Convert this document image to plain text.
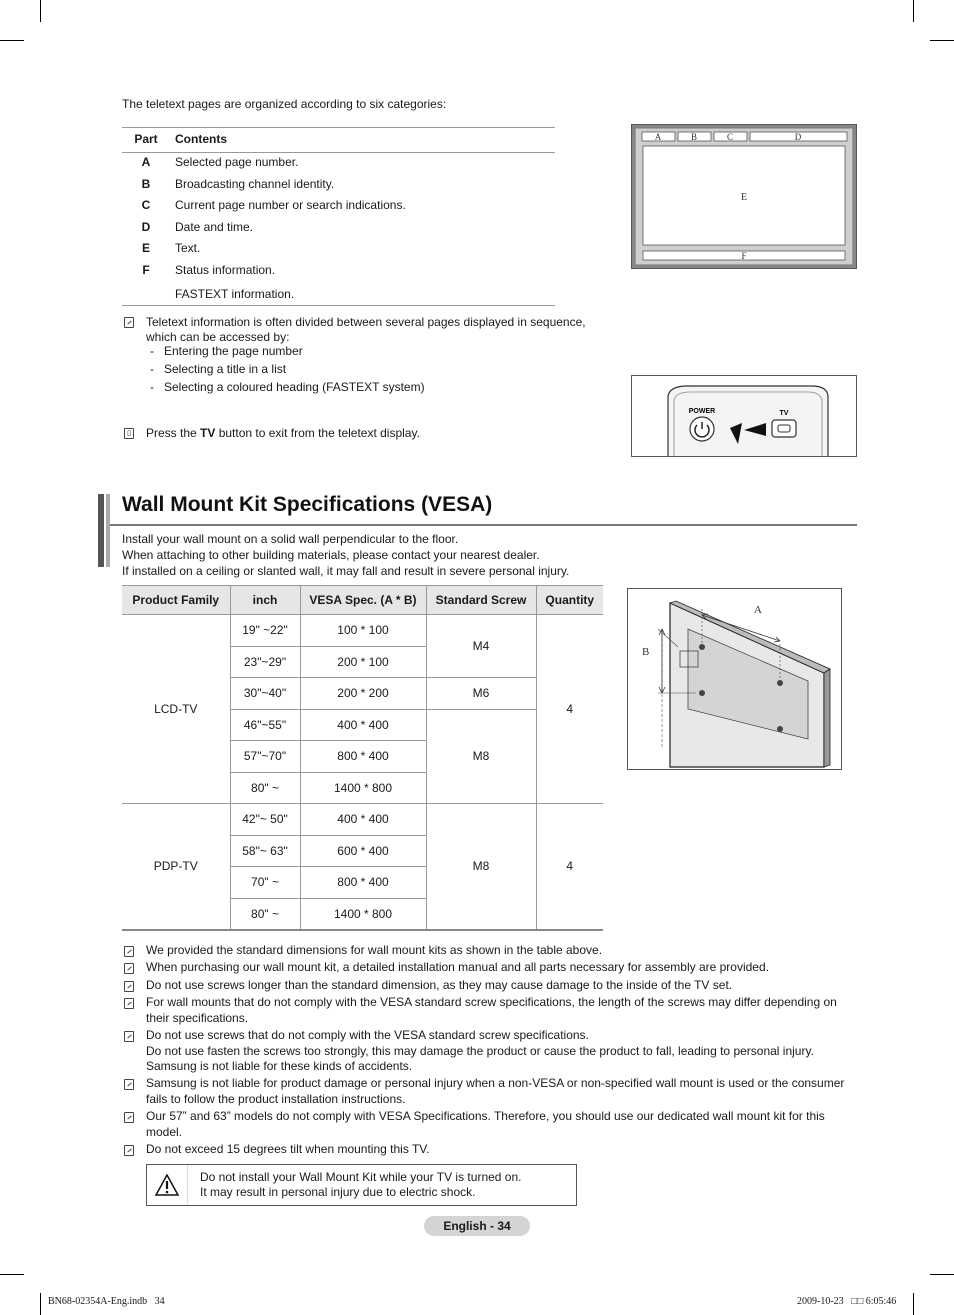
The teletext pages are organized according to six categories:
Part	Contents
A	Selected page number.
B	Broadcasting channel identity.
C	Current page number or search indications.
D	Date and time.
E	Text.
F	Status information.
FASTEXT information.
A	B	C	D
E
F
Teletext information is often divided between several pages displayed in sequence, which can be accessed by:
-   Entering the page number
-   Selecting a title in a list
-   Selecting a coloured heading (FASTEXT system)
▯ Press the TV button to exit from the teletext display.
POWER	TV
Wall Mount Kit Specifications (VESA)
Install your wall mount on a solid wall perpendicular to the floor.
When attaching to other building materials, please contact your nearest dealer.
If installed on a ceiling or slanted wall, it may fall and result in severe personal injury.
Product Family	inch	VESA Spec. (A * B)	Standard Screw	Quantity
LCD-TV	19" ~22"	100 * 100	M4	4
	23"~29"	200 * 100		
	30"~40"	200 * 200	M6	
	46"~55"	400 * 400	M8	
	57"~70"	800 * 400		
	80" ~	1400 * 800		
PDP-TV	42"~ 50"	400 * 400	M8	4
	58"~ 63"	600 * 400		
	70" ~	800 * 400		
	80" ~	1400 * 800		
A
B
We provided the standard dimensions for wall mount kits as shown in the table above.
When purchasing our wall mount kit, a detailed installation manual and all parts necessary for assembly are provided.
Do not use screws longer than the standard dimension, as they may cause damage to the inside of the TV set.
For wall mounts that do not comply with the VESA standard screw specifications, the length of the screws may differ depending on their specifications.
Do not use screws that do not comply with the VESA standard screw specifications.
Do not use fasten the screws too strongly, this may damage the product or cause the product to fall, leading to personal injury.
Samsung is not liable for these kinds of accidents.
Samsung is not liable for product damage or personal injury when a non-VESA or non-specified wall mount is used or the consumer fails to follow the product installation instructions.
Our 57” and 63” models do not comply with VESA Specifications. Therefore, you should use our dedicated wall mount kit for this model.
Do not exceed 15 degrees tilt when mounting this TV.
Do not install your Wall Mount Kit while your TV is turned on.
It may result in personal injury due to electric shock.
English - 34
BN68-02354A-Eng.indb   34	2009-10-23   □□ 6:05:46
